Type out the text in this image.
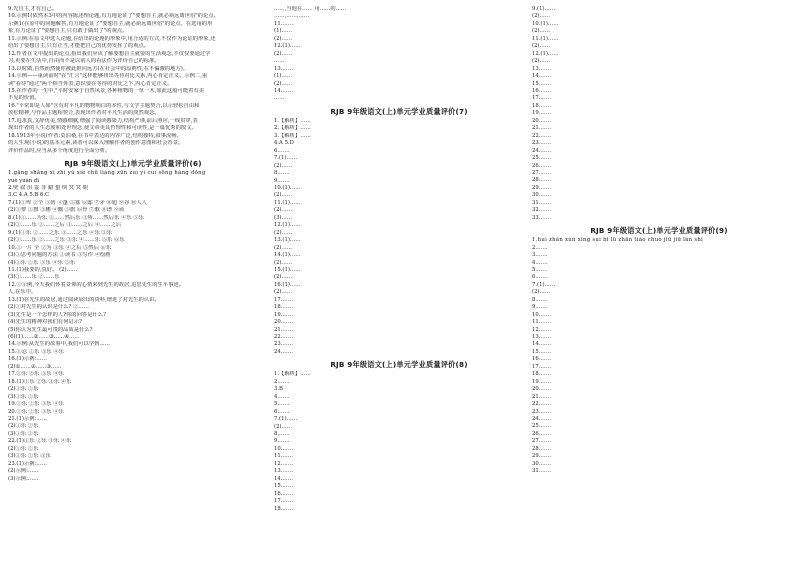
9.先自主,才有自己。

10.示例1(依然本3中的内容陈述理论题,有力地论证了"要想自主,就必须远离世俗"的论点。

示例1(在原中的问题解答,有力地论证了"要想自主,就必须远离世俗"的论点。在选用的形

象,有力论证了"要想自主,只有敢于做出了"的观点。

11.示例:在原文中选人论题,在给出的论题的形象中,用合适的方式,不仅作为论证的形象,还

给出了要想自主,只有正当,才能把自己的优势发挥了的观点。

12.作者在文中提出的论点,指出我们应该了解要想自主就要的生活观念,不仅仅要通过学

习,更要在生活中,自由而不是以别人的看法作为评价自己的标准。

13.以时做,自然而然使你被此推向远方(在社会中的原则性,在不偏激的地方)。

14.示例——重读前时"在"汇言"这样能够找出等待对比关系,内心肯定正义。示例二,重

读"看待"通过"两个相当外表,意识要在等待的对比之下,内心肯定正义。

15.在作者的一生中,"平时安家于自然风景,各种植物的一草一木,如此这般可能着有美

不见的价值。

16."平常即是人如"含有对平凡的物物明白的本性,与文学主题契合,以示轻松自由和

放松精神,与作品主题相契合,表现出作者对平凡生活的淡然观念。

17.追求真,文辞优美,情感细腻,增强了阅读感染力,结构严谨,前后照应,一线贯穿,表

现出作者的人生态度和处世理念,使文章更具哲理性和可读性,是一篇优秀的散文。

18.1913年小说(作者:莫泊桑,在书中表达的内容广泛,结构独特,叙事流畅。

的人生观(小说)的基本元素,读者可以深入理解作者的创作意图和社会背景。

评价作品时,应当从多个角度进行全面分析。

RJB 9年级语文(上)单元学业质量评价(6)

1.gāng shāng xǐ zhǐ yǔ xiè chū liáng zūn zuì yí cuì sōng hǎng dōng

yuè yuàn dǐ

2.壁 叙 沮 霎 菲 蜡 蛰 倒 冥 冥 眼

3.C 4.A 5.B 6.C

7.(1)①卑 ②全 ③鲁 ④篷 ⑤寡 ⑥邸 ⑦矛 ⑧旭 ⑨谷 ⑩人人

(2)①黎 ②旗 ③鹏 ④飘 ⑤旗 ⑥骨 ⑦歌 ⑧谱 ⑨顽

8.(1)①……为乐 ②……然后乐 ③所……然后乐 ④乐 ⑤乐

(2)①……乐 ②……之后 ③……之后 ④……之后

9.(1)①乐 ②……之乐 ③……之乐 ④乐 ⑤乐

(2)①……乐 ②……之乐 ③乐 ④……乐 ⑤乐 ⑥乐

10.①一片 全 ②为 ③乐 ④之后 ⑤然后 ⑥乐

(3)①思考问题的方法 ②读书 ③写作 ④绘画

(4)①乐 ②乐 ③乐 ④乐 ⑤乐

11.(1)我要的,真好。 (2)……

(3)①……乐 ②……乐

12.①示例,今天我们怀着景仰的心情来到先生的故居,追思先生的生平事迹。

人,在乐中。

13.(1)在先生的故居,通过阅读展出的资料,增进了对先生的认识。

(2)①对先生的认识是什么? ②……

(3)先生是一个怎样的人?你的回答是什么?

(4)先生的精神对我们有何启示?

(5)你认为先生最可贵的品质是什么?

(6)(1)……②……③……④……

14.示例:从先生的故事中,我们可以学到……

15.①忍 ②乐 ③乐 ④乐

16.(1)示例:……

(2)①……②……③……

17.①乐 ②乐 ③乐 ④乐

18.(1)①乐 ②乐 ③乐 ④乐

(2)①乐 ②乐

(3)①乐 ②乐

19.①乐 ②乐 ③乐 ④乐

20.①乐 ②乐 ③乐 ④乐

21.(1)示例:……

(2)①乐 ②乐

(3)①乐 ②乐

22.(1)①乐 ②乐 ③乐 ④乐

(2)①乐 ②乐

(3)①乐 ②乐 ③乐

23.(1)示例:……

(2)示例:……

(3)示例:……

……,当他在…… 用……的……

……,……,……

11.……

(1)……

(2)……

12.(1)……

(2)……

……

13.……

(1)……

(2)……

14.……

……

RJB 9年级语文(上)单元学业质量评价(7)

1.【解析】……

2.【解析】……

3.【解析】……

4.A 5.D

6.……

7.(1)……

(2)……

8.……

9.……

10.(1)……

(2)……

11.(1)……

(2)……

(3)……

12.(1)……

(2)……

13.(1)……

(2)……

14.(1)……

(2)……

15.(1)……

(2)……

16.(1)……

(2)……

17.……

18.……

19.……

20.……

21.……

22.……

23.……

24.……

RJB 9年级语文(上)单元学业质量评价(8)

1.【解析】……

2.……

3.B

4.……

5.……

6.……

7.(1)……

(2)……

8.……

9.……

10.……

11.……

12.……

13.……

14.……

15.……

16.……

17.……

18.……

9.(1)……

(2)……

10.(1)……

(2)……

11.(1)……

(2)……

12.(1)……

(2)……

13.……

14.……

15.……

16.……

17.……

18.……

19.……

20.……

21.……

22.……

23.……

24.……

25.……

26.……

27.……

28.……

29.……

30.……

31.……

32.……

33.……

RJB 9年级语文(上)单元学业质量评价(9)

1.huì zhǎn xún xǐng suì bǐ lǜ zhān tiǎo chuò jiū jiū lǎn shǐ

2.……

3.……

4.……

5.……

6.……

7.(1)……

(2)……

8.……

9.……

10.……

11.……

12.……

13.……

14.……

15.……

16.……

17.……

18.……

19.……

20.……

21.……

22.……

23.……

24.……

25.……

26.……

27.……

28.……

29.……

30.……

31.……
